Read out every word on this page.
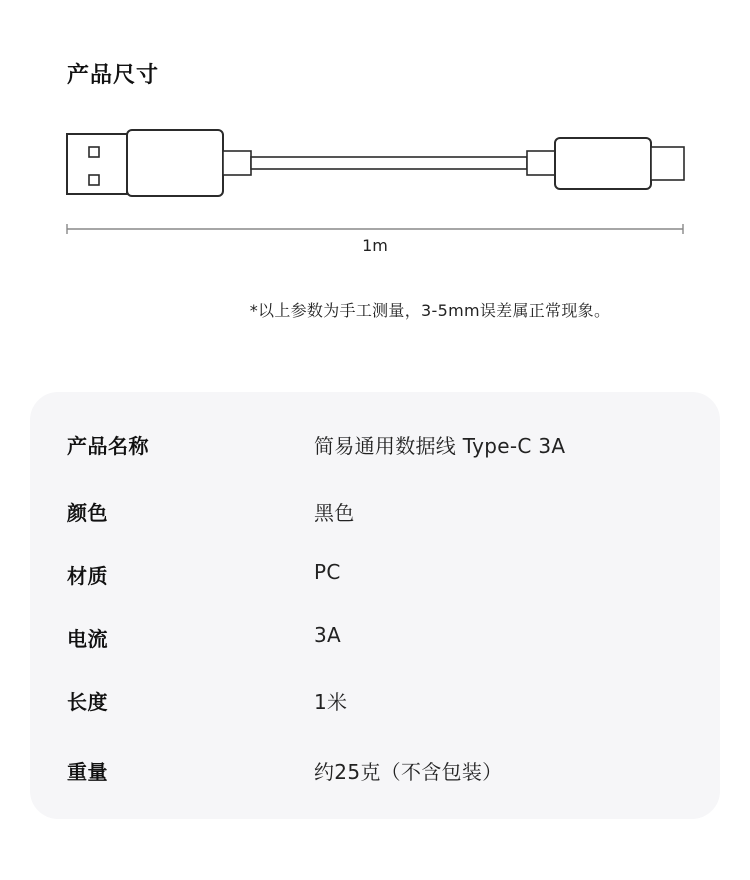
产品尺寸
1m
*以上参数为手工测量，3-5mm误差属正常现象。
产品名称	简易通用数据线 Type-C 3A
颜色	黑色
材质	PC
电流	3A
长度	1米
重量	约25克（不含包装）
